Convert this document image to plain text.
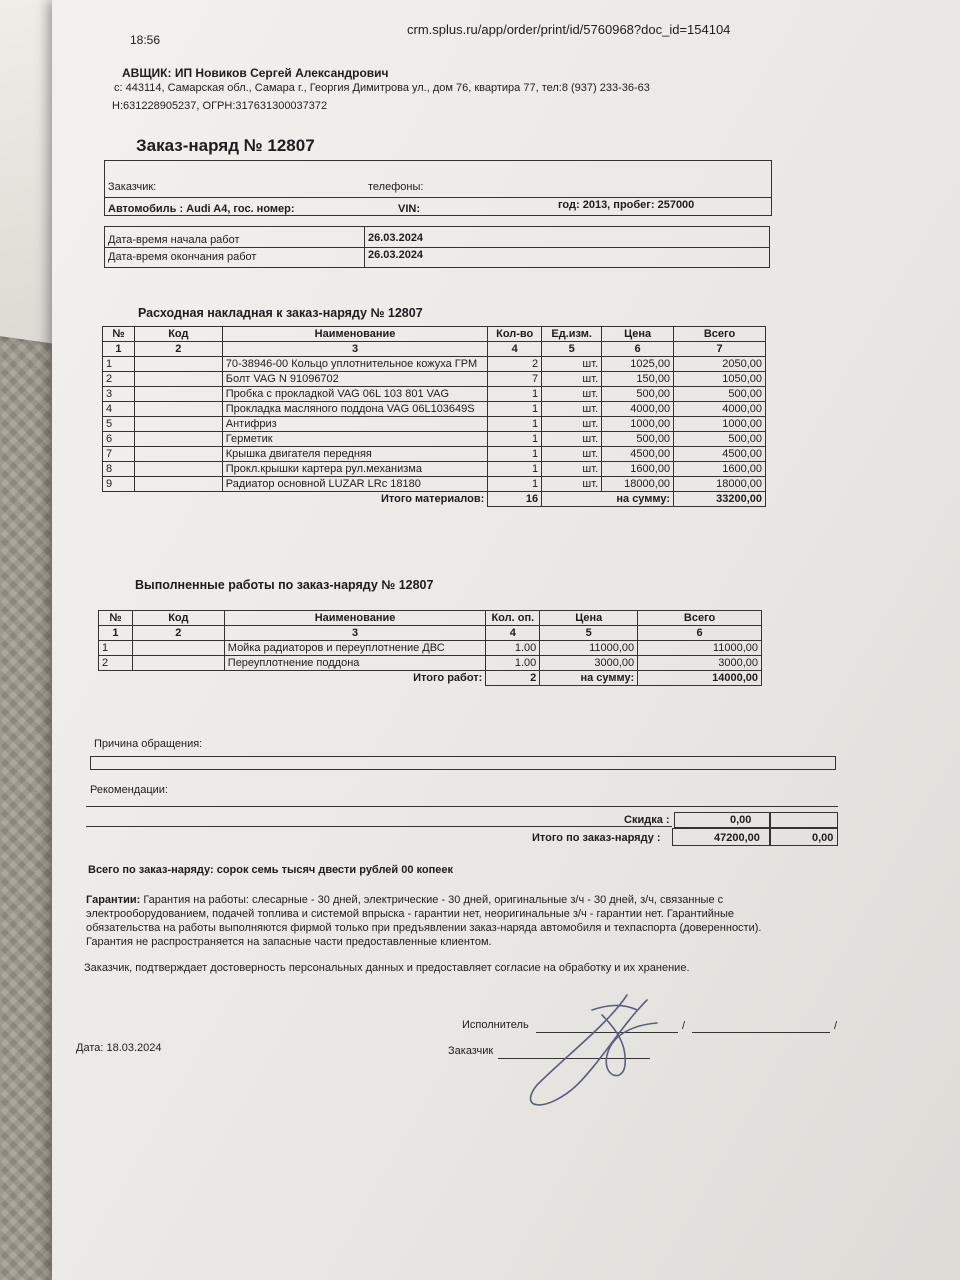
18:56
crm.splus.ru/app/order/print/id/5760968?doc_id=154104
АВЩИК: ИП Новиков Сергей Александрович
с: 443114, Самарская обл., Самара г., Георгия Димитрова ул., дом 76, квартира 77, тел:8 (937) 233-36-63
Н:631228905237, ОГРН:317631300037372
Заказ-наряд № 12807
Заказчик:	телефоны:
Автомобиль : Audi A4, гос. номер:	VIN:	год: 2013, пробег: 257000
Дата-время начала работ	26.03.2024
Дата-время окончания работ	26.03.2024
Расходная накладная к заказ-наряду № 12807
№	Код	Наименование	Кол-во	Ед.изм.	Цена	Всего
1	2	3	4	5	6	7
1		70-38946-00 Кольцо уплотнительное кожуха ГРМ	2	шт.	1025,00	2050,00
2		Болт VAG N 91096702	7	шт.	150,00	1050,00
3		Пробка с прокладкой VAG 06L 103 801 VAG	1	шт.	500,00	500,00
4		Прокладка масляного поддона VAG 06L103649S	1	шт.	4000,00	4000,00
5		Антифриз	1	шт.	1000,00	1000,00
6		Герметик	1	шт.	500,00	500,00
7		Крышка двигателя передняя	1	шт.	4500,00	4500,00
8		Прокл.крышки картера рул.механизма	1	шт.	1600,00	1600,00
9		Радиатор основной LUZAR LRc 18180	1	шт.	18000,00	18000,00
Итого материалов:			16	на сумму:		33200,00
Выполненные работы по заказ-наряду № 12807
№	Код	Наименование	Кол. оп.	Цена	Всего
1	2	3	4	5	6
1		Мойка радиаторов и переуплотнение ДВС	1.00	11000,00	11000,00
2		Переуплотнение поддона	1.00	3000,00	3000,00
Итого работ:			2	на сумму:	14000,00
Причина обращения:
Рекомендации:
Скидка :	0,00
Итого по заказ-наряду :	47200,00	0,00
Всего по заказ-наряду: сорок семь тысяч двести рублей 00 копеек
Гарантии: Гарантия на работы: слесарные - 30 дней, электрические - 30 дней, оригинальные з/ч - 30 дней, з/ч, связанные с
электрооборудованием, подачей топлива и системой впрыска - гарантии нет, неоригинальные з/ч - гарантии нет. Гарантийные
обязательства на работы выполняются фирмой только при предъявлении заказ-наряда автомобиля и техпаспорта (доверенности).
Гарантия не распространяется на запасные части предоставленные клиентом.
Заказчик, подтверждает достоверность персональных данных и предоставляет согласие на обработку и их хранение.
Исполнитель	/	/
Заказчик
Дата: 18.03.2024
